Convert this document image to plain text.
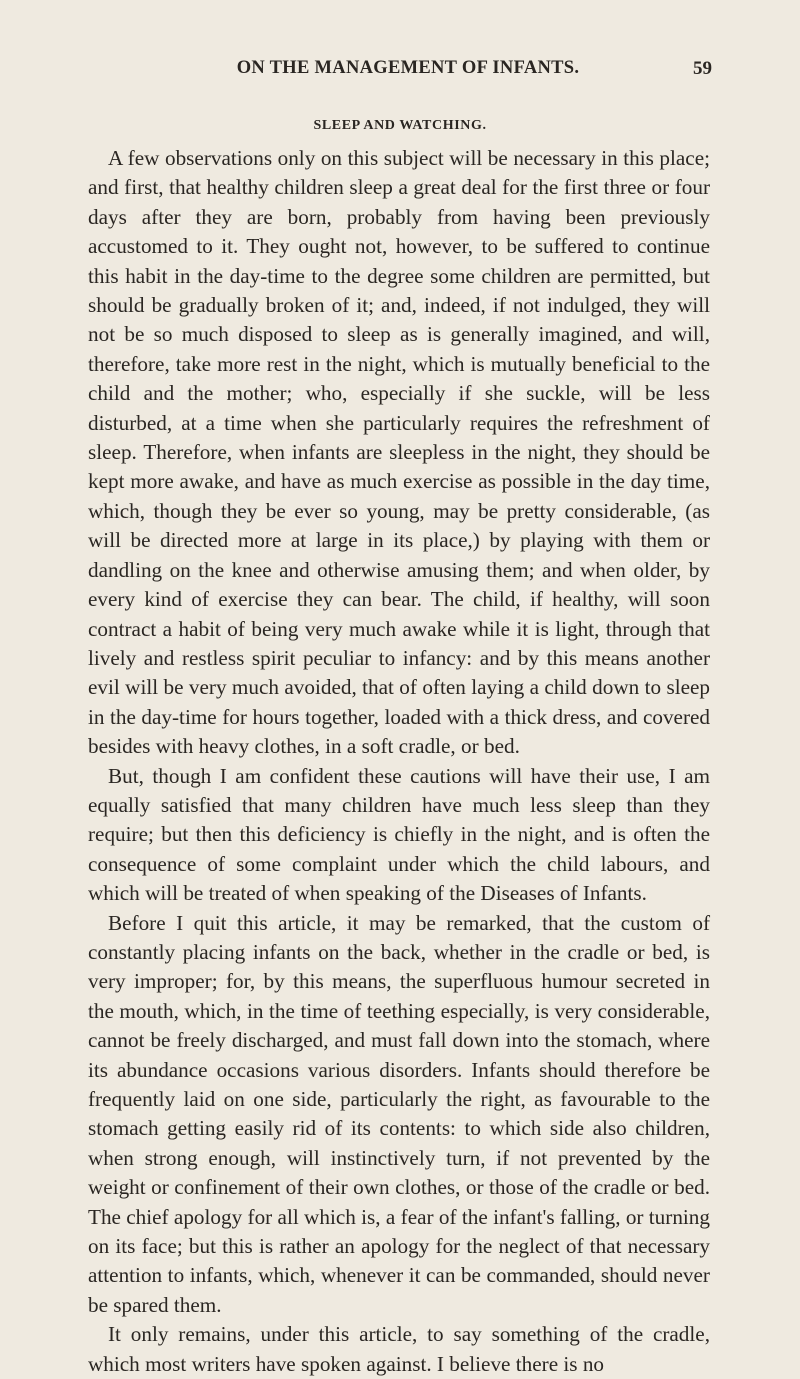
ON THE MANAGEMENT OF INFANTS.	59
SLEEP AND WATCHING.

A few observations only on this subject will be necessary in this place; and first, that healthy children sleep a great deal for the first three or four days after they are born, probably from having been previously accustomed to it. They ought not, however, to be suffered to continue this habit in the day-time to the degree some children are permitted, but should be gradually broken of it; and, indeed, if not indulged, they will not be so much disposed to sleep as is generally imagined, and will, therefore, take more rest in the night, which is mutually beneficial to the child and the mother; who, especially if she suckle, will be less disturbed, at a time when she particularly requires the refreshment of sleep. Therefore, when infants are sleepless in the night, they should be kept more awake, and have as much exercise as possible in the day time, which, though they be ever so young, may be pretty considerable, (as will be directed more at large in its place,) by playing with them or dandling on the knee and otherwise amusing them; and when older, by every kind of exercise they can bear. The child, if healthy, will soon contract a habit of being very much awake while it is light, through that lively and restless spirit peculiar to infancy: and by this means another evil will be very much avoided, that of often laying a child down to sleep in the day-time for hours together, loaded with a thick dress, and covered besides with heavy clothes, in a soft cradle, or bed.

But, though I am confident these cautions will have their use, I am equally satisfied that many children have much less sleep than they require; but then this deficiency is chiefly in the night, and is often the consequence of some complaint under which the child labours, and which will be treated of when speaking of the Diseases of Infants.

Before I quit this article, it may be remarked, that the custom of constantly placing infants on the back, whether in the cradle or bed, is very improper; for, by this means, the superfluous humour secreted in the mouth, which, in the time of teething especially, is very considerable, cannot be freely discharged, and must fall down into the stomach, where its abundance occasions various disorders. Infants should therefore be frequently laid on one side, particularly the right, as favourable to the stomach getting easily rid of its contents: to which side also children, when strong enough, will instinctively turn, if not prevented by the weight or confinement of their own clothes, or those of the cradle or bed. The chief apology for all which is, a fear of the infant's falling, or turning on its face; but this is rather an apology for the neglect of that necessary attention to infants, which, whenever it can be commanded, should never be spared them.

It only remains, under this article, to say something of the cradle, which most writers have spoken against. I believe there is no
